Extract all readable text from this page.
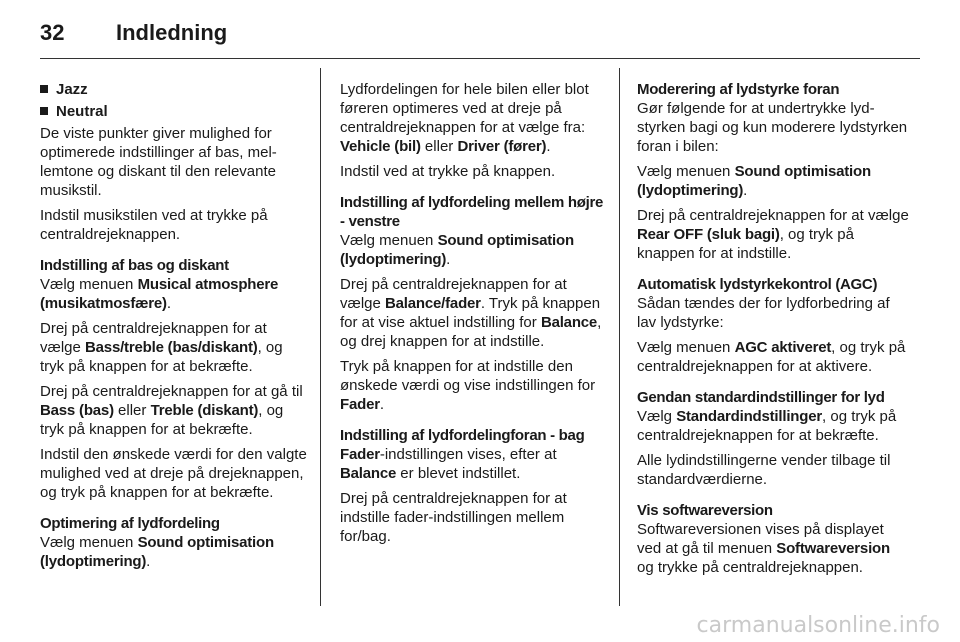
32 Indledning
Jazz
Neutral

De viste punkter giver mulighed for optimerede indstillinger af bas, mellemtone og diskant til den relevante musikstil.

Indstil musikstilen ved at trykke på centraldrejeknappen.

Indstilling af bas og diskant

Vælg menuen Musical atmosphere (musikatmosfære).

Drej på centraldrejeknappen for at vælge Bass/treble (bas/diskant), og tryk på knappen for at bekræfte.

Drej på centraldrejeknappen for at gå til Bass (bas) eller Treble (diskant), og tryk på knappen for at bekræfte.

Indstil den ønskede værdi for den valgte mulighed ved at dreje på drejeknappen, og tryk på knappen for at bekræfte.

Optimering af lydfordeling

Vælg menuen Sound optimisation (lydoptimering).

Lydfordelingen for hele bilen eller blot føreren optimeres ved at dreje på centraldrejeknappen for at vælge fra: Vehicle (bil) eller Driver (fører).

Indstil ved at trykke på knappen.

Indstilling af lydfordeling mellem højre - venstre

Vælg menuen Sound optimisation (lydoptimering).

Drej på centraldrejeknappen for at vælge Balance/fader. Tryk på knappen for at vise aktuel indstilling for Balance, og drej knappen for at indstille.

Tryk på knappen for at indstille den ønskede værdi og vise indstillingen for Fader.

Indstilling af lydfordelingforan - bag

Fader-indstillingen vises, efter at Balance er blevet indstillet.

Drej på centraldrejeknappen for at indstille fader-indstillingen mellem for/bag.

Moderering af lydstyrke foran

Gør følgende for at undertrykke lydstyrken bagi og kun moderere lydstyrken foran i bilen:

Vælg menuen Sound optimisation (lydoptimering).

Drej på centraldrejeknappen for at vælge Rear OFF (sluk bagi), og tryk på knappen for at indstille.

Automatisk lydstyrkekontrol (AGC)

Sådan tændes der for lydforbedring af lav lydstyrke:

Vælg menuen AGC aktiveret, og tryk på centraldrejeknappen for at aktivere.

Gendan standardindstillinger for lyd

Vælg Standardindstillinger, og tryk på centraldrejeknappen for at bekræfte.

Alle lydindstillingerne vender tilbage til standardværdierne.

Vis softwareversion

Softwareversionen vises på displayet ved at gå til menuen Softwareversion og trykke på centraldrejeknappen.

carmanualsonline.info
